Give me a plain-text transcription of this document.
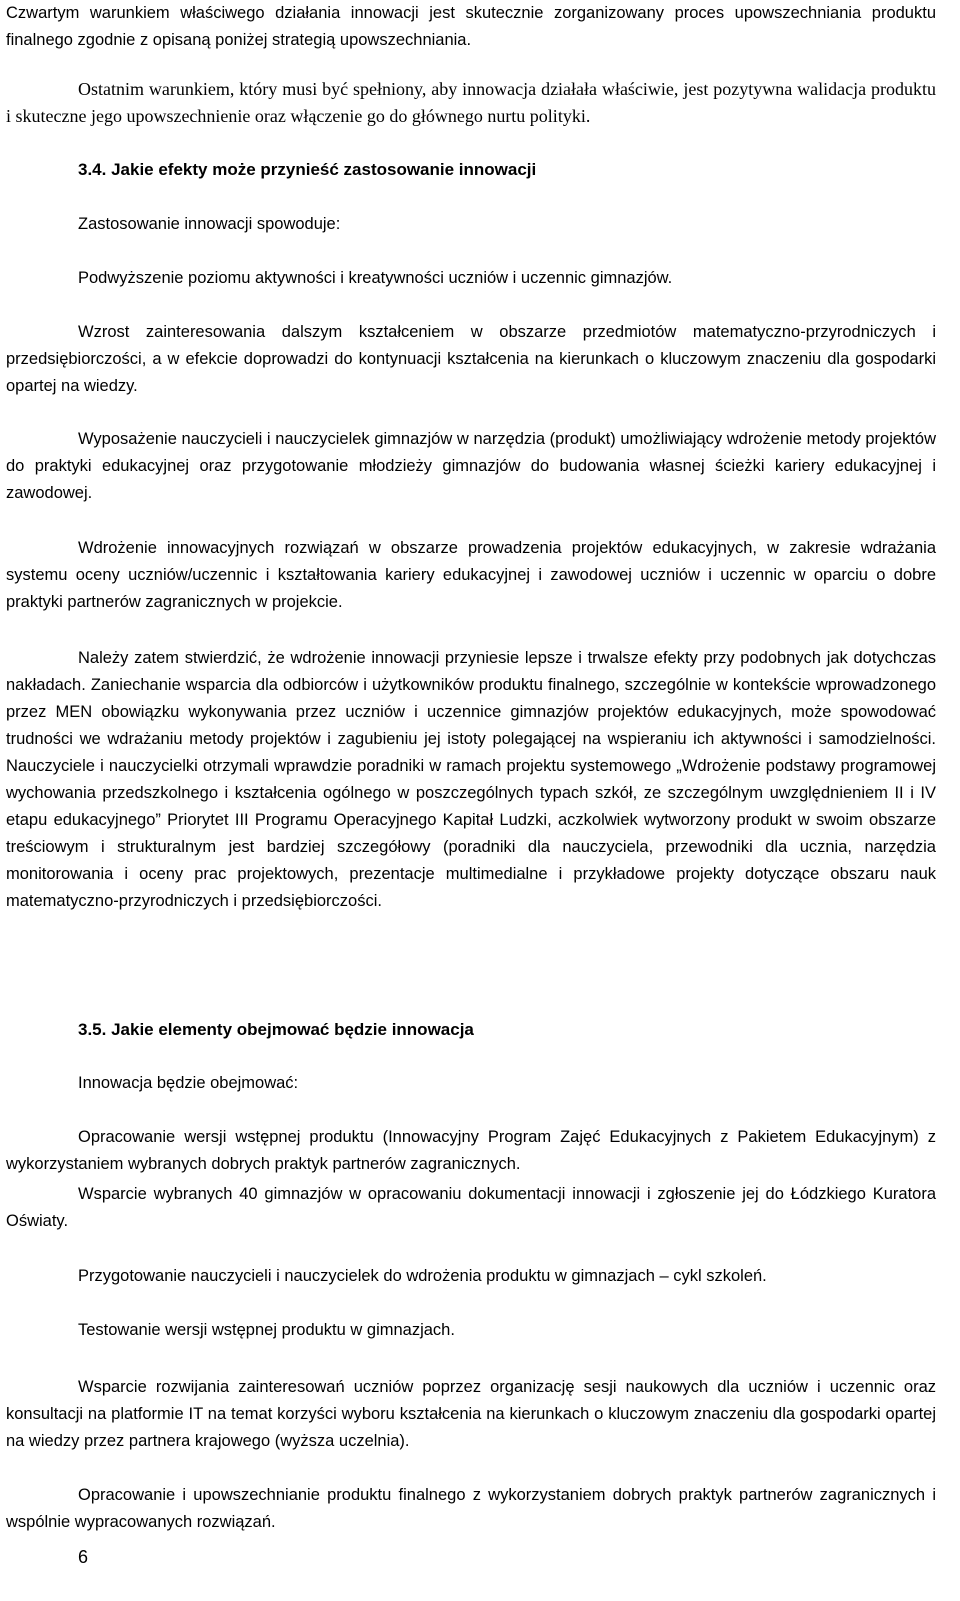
Czwartym warunkiem właściwego działania innowacji jest skutecznie zorganizowany proces upowszechniania produktu finalnego zgodnie z opisaną poniżej strategią upowszechniania.

Ostatnim warunkiem, który musi być spełniony, aby innowacja działała właściwie, jest pozytywna walidacja produktu i skuteczne jego upowszechnienie oraz włączenie go do głównego nurtu polityki.

3.4. Jakie efekty może przynieść zastosowanie innowacji

Zastosowanie innowacji spowoduje:

Podwyższenie poziomu aktywności i kreatywności uczniów i uczennic gimnazjów.

Wzrost zainteresowania dalszym kształceniem w obszarze przedmiotów matematyczno-przyrodniczych i przedsiębiorczości, a w efekcie doprowadzi do kontynuacji kształcenia na kierunkach o kluczowym znaczeniu dla gospodarki opartej na wiedzy.

Wyposażenie nauczycieli i nauczycielek gimnazjów w narzędzia (produkt) umożliwiający wdrożenie metody projektów do praktyki edukacyjnej oraz przygotowanie młodzieży gimnazjów do budowania własnej ścieżki kariery edukacyjnej i zawodowej.

Wdrożenie innowacyjnych rozwiązań w obszarze prowadzenia projektów edukacyjnych, w zakresie wdrażania systemu oceny uczniów/uczennic i kształtowania kariery edukacyjnej i zawodowej uczniów i uczennic w oparciu o dobre praktyki partnerów zagranicznych w projekcie.

Należy zatem stwierdzić, że wdrożenie innowacji przyniesie lepsze i trwalsze efekty przy podobnych jak dotychczas nakładach. Zaniechanie wsparcia dla odbiorców i użytkowników produktu finalnego, szczególnie w kontekście wprowadzonego przez MEN obowiązku wykonywania przez uczniów i uczennice gimnazjów projektów edukacyjnych, może spowodować trudności we wdrażaniu metody projektów i zagubieniu jej istoty polegającej na wspieraniu ich aktywności i samodzielności. Nauczyciele i nauczycielki otrzymali wprawdzie poradniki w ramach projektu systemowego „Wdrożenie podstawy programowej wychowania przedszkolnego i kształcenia ogólnego w poszczególnych typach szkół, ze szczególnym uwzględnieniem II i IV etapu edukacyjnego” Priorytet III Programu Operacyjnego Kapitał Ludzki, aczkolwiek wytworzony produkt w swoim obszarze treściowym i strukturalnym jest bardziej szczegółowy (poradniki dla nauczyciela, przewodniki dla ucznia, narzędzia monitorowania i oceny prac projektowych, prezentacje multimedialne i przykładowe projekty dotyczące obszaru nauk matematyczno-przyrodniczych i przedsiębiorczości.

3.5. Jakie elementy obejmować będzie innowacja

Innowacja będzie obejmować:

Opracowanie wersji wstępnej produktu (Innowacyjny Program Zajęć Edukacyjnych z Pakietem Edukacyjnym) z wykorzystaniem wybranych dobrych praktyk partnerów zagranicznych.

Wsparcie wybranych 40 gimnazjów w opracowaniu dokumentacji innowacji i zgłoszenie jej do Łódzkiego Kuratora Oświaty.

Przygotowanie nauczycieli i nauczycielek do wdrożenia produktu w gimnazjach – cykl szkoleń.

Testowanie wersji wstępnej produktu w gimnazjach.

Wsparcie rozwijania zainteresowań uczniów poprzez organizację sesji naukowych dla uczniów i uczennic oraz konsultacji na platformie IT na temat korzyści wyboru kształcenia na kierunkach o kluczowym znaczeniu dla gospodarki opartej na wiedzy przez partnera krajowego (wyższa uczelnia).

Opracowanie i upowszechnianie produktu finalnego z wykorzystaniem dobrych praktyk partnerów zagranicznych i wspólnie wypracowanych rozwiązań.

6
